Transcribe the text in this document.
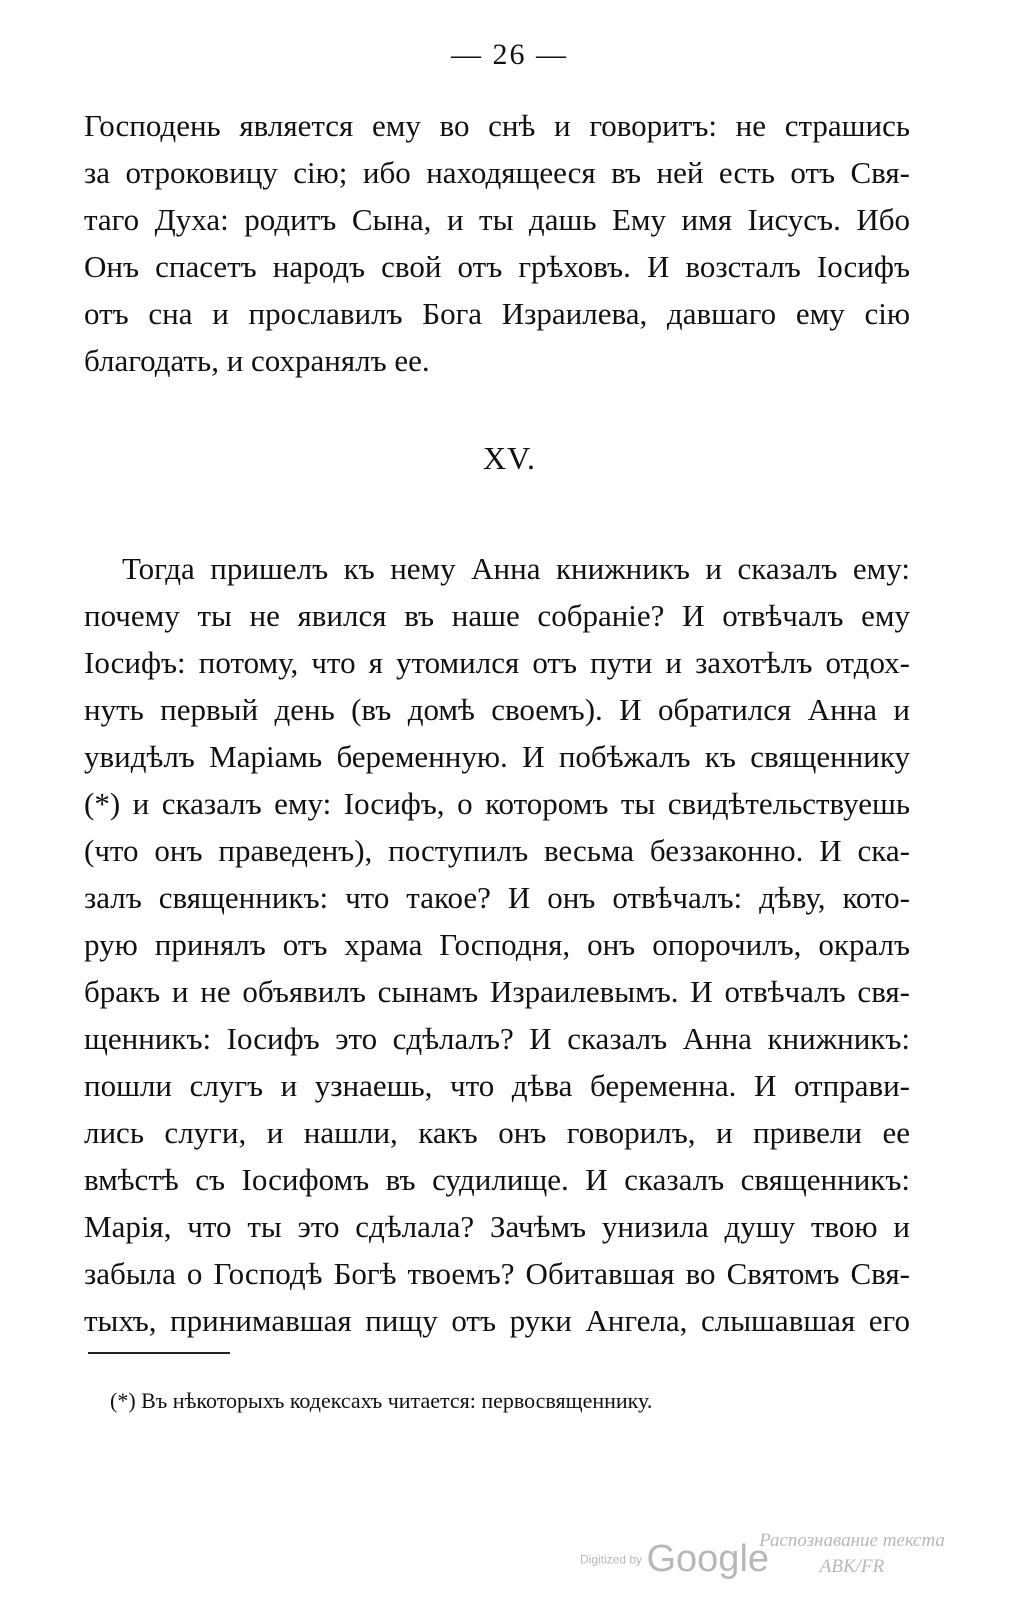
— 26 —
Господень является ему во снѣ и говоритъ: не страшись
за отроковицу сію; ибо находящееся въ ней есть отъ Свя-
таго Духа: родитъ Сына, и ты дашь Ему имя Іисусъ. Ибо
Онъ спасетъ народъ свой отъ грѣховъ. И возсталъ Іосифъ
отъ сна и прославилъ Бога Израилева, давшаго ему сію
благодать, и сохранялъ ее.
XV.
Тогда пришелъ къ нему Анна книжникъ и сказалъ ему:
почему ты не явился въ наше собраніе? И отвѣчалъ ему
Іосифъ: потому, что я утомился отъ пути и захотѣлъ отдох-
нуть первый день (въ домѣ своемъ). И обратился Анна и
увидѣлъ Маріамь беременную. И побѣжалъ къ священнику
(*) и сказалъ ему: Іосифъ, о которомъ ты свидѣтельствуешь
(что онъ праведенъ), поступилъ весьма беззаконно. И ска-
залъ священникъ: что такое? И онъ отвѣчалъ: дѣву, кото-
рую принялъ отъ храма Господня, онъ опорочилъ, окралъ
бракъ и не объявилъ сынамъ Израилевымъ. И отвѣчалъ свя-
щенникъ: Іосифъ это сдѣлалъ? И сказалъ Анна книжникъ:
пошли слугъ и узнаешь, что дѣва беременна. И отправи-
лись слуги, и нашли, какъ онъ говорилъ, и привели ее
вмѣстѣ съ Іосифомъ въ судилище. И сказалъ священникъ:
Марія, что ты это сдѣлала? Зачѣмъ унизила душу твою и
забыла о Господѣ Богѣ твоемъ? Обитавшая во Святомъ Свя-
тыхъ, принимавшая пищу отъ руки Ангела, слышавшая его
(*) Въ нѣкоторыхъ кодексахъ читается: первосвященнику.
Digitized by Google
Распознавание текста
ABK/FR
